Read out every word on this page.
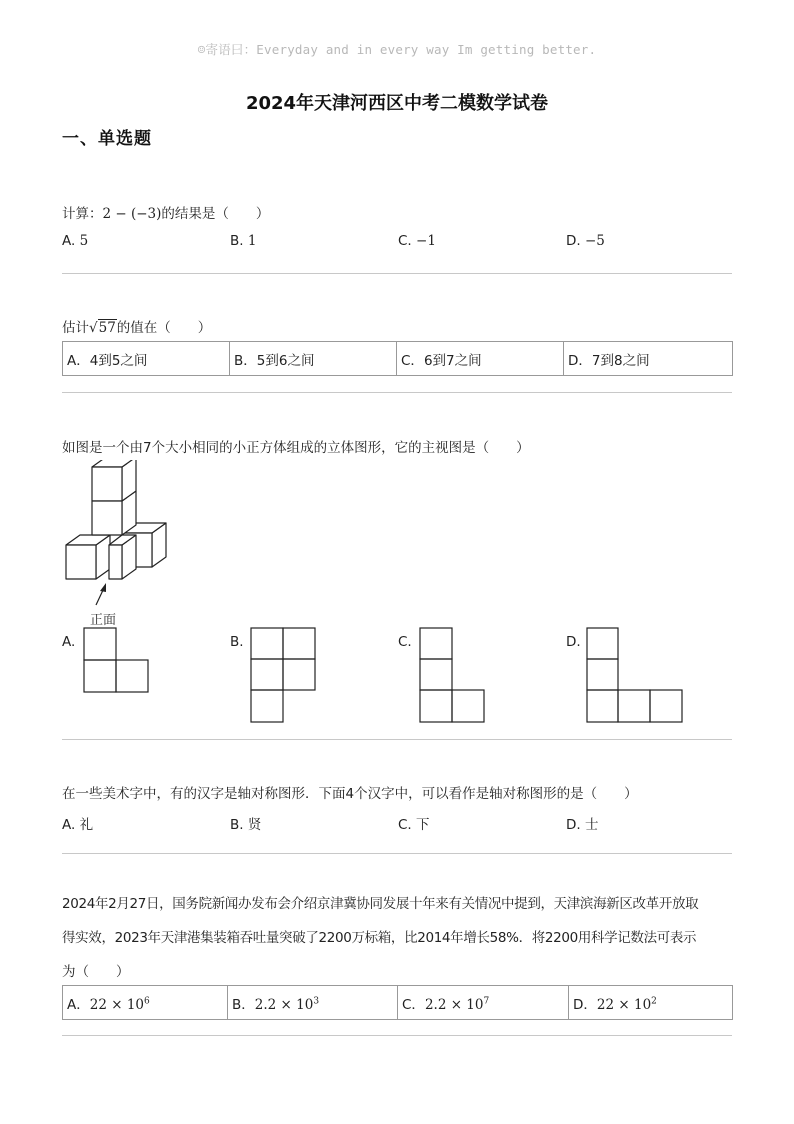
☺寄语曰：Everyday and in every way Im getting better.
2024年天津河西区中考二模数学试卷
一、单选题
计算：2 − (−3)的结果是（　　）
A. 5	B. 1	C. −1	D. −5
估计√57的值在（　　）
A．4到5之间	B．5到6之间	C．6到7之间	D．7到8之间
如图是一个由7个大小相同的小正方体组成的立体图形，它的主视图是（　　）
正面
A.	B.	C.	D.
在一些美术字中，有的汉字是轴对称图形．下面4个汉字中，可以看作是轴对称图形的是（　　）
A. 礼	B. 贤	C. 下	D. 士
2024年2月27日，国务院新闻办发布会介绍京津冀协同发展十年来有关情况中提到，天津滨海新区改革开放取
得实效，2023年天津港集装箱吞吐量突破了2200万标箱，比2014年增长58%．将2200用科学记数法可表示
为（　　）
A．$22 \times 10^6$	B．$2.2 \times 10^3$	C．$2.2 \times 10^7$	D．$22 \times 10^2$
